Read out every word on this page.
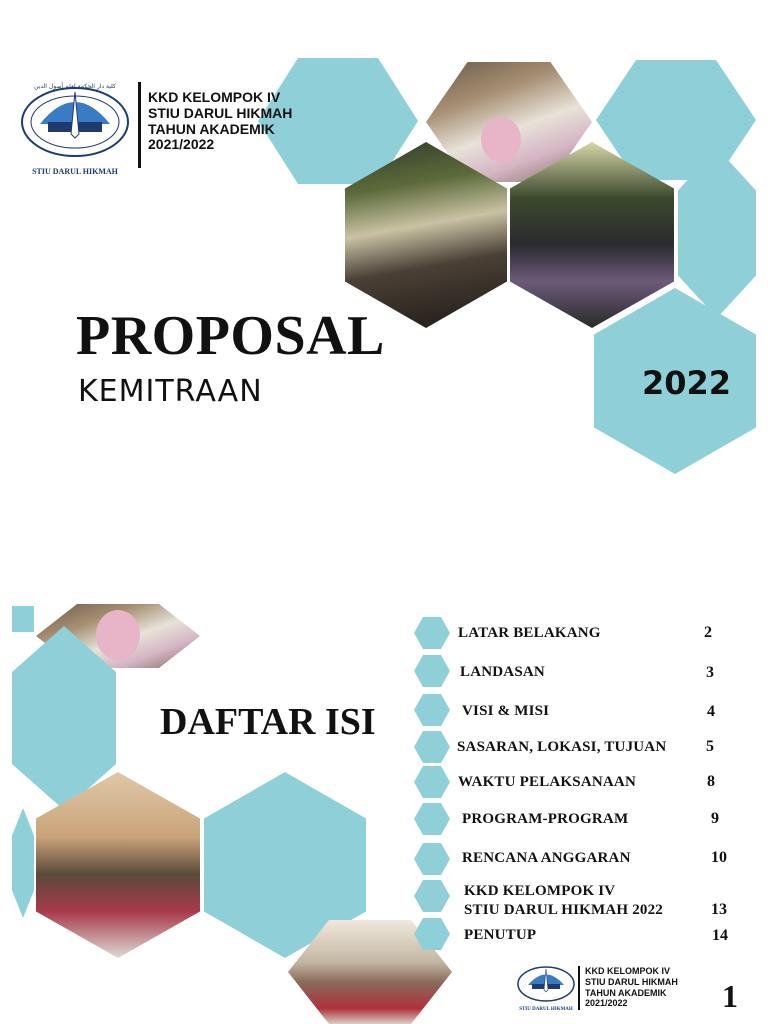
كلية دار الحكمة لعلم أصول الدين
STIU DARUL HIKMAH
KKD KELOMPOK IV
STIU DARUL HIKMAH
TAHUN AKADEMIK
2021/2022
PROPOSAL
KEMITRAAN	2022
DAFTAR ISI
LATAR BELAKANG	2
LANDASAN	3
VISI & MISI	4
SASARAN, LOKASI, TUJUAN 5
WAKTU PELAKSANAAN	8
PROGRAM-PROGRAM	9
RENCANA ANGGARAN	10
KKD KELOMPOK IV
STIU DARUL HIKMAH 2022	13
PENUTUP	14
STIU DARUL HIKMAH
KKD KELOMPOK IV
STIU DARUL HIKMAH
TAHUN AKADEMIK
2021/2022	1
